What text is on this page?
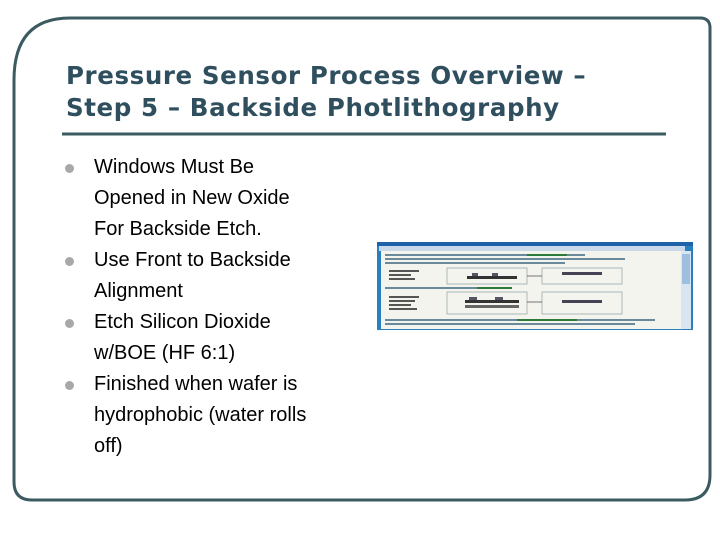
Pressure Sensor Process Overview –
Step 5 – Backside Photlithography
Windows Must Be
Opened in New Oxide
For Backside Etch.
Use Front to Backside
Alignment
Etch Silicon Dioxide
w/BOE (HF 6:1)
Finished when wafer is
hydrophobic (water rolls
off)
